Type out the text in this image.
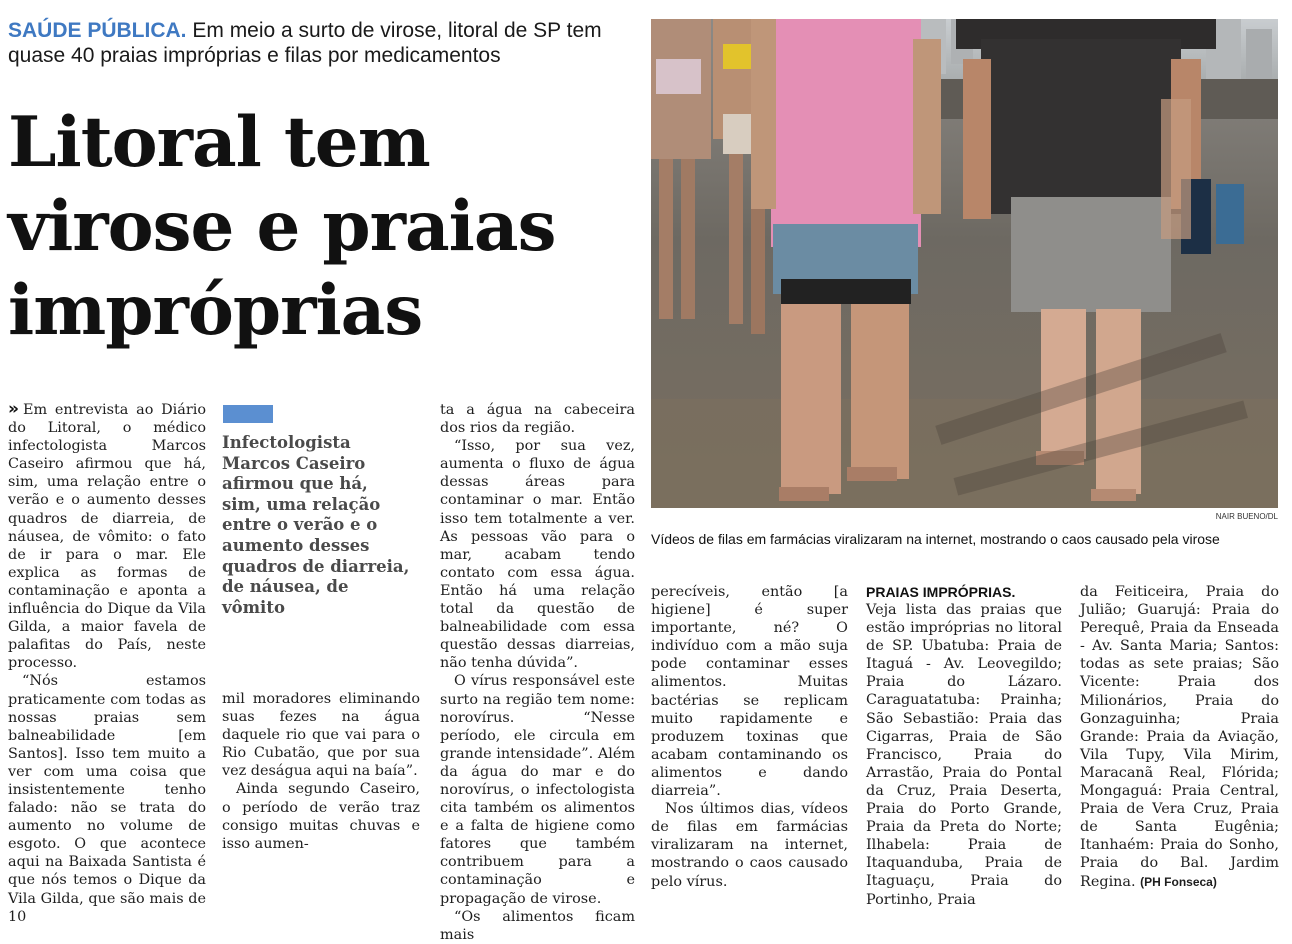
SAÚDE PÚBLICA. Em meio a surto de virose, litoral de SP tem quase 40 praias impróprias e filas por medicamentos
Litoral tem
virose e praias
impróprias

» Em entrevista ao Diário do Litoral, o médico infectologista Marcos Caseiro afirmou que há, sim, uma relação entre o verão e o aumento desses quadros de diarreia, de náusea, de vômito: o fato de ir para o mar. Ele explica as formas de contaminação e aponta a influência do Dique da Vila Gilda, a maior favela de palafitas do País, neste processo.

“Nós estamos praticamente com todas as nossas praias sem balneabilidade [em Santos]. Isso tem muito a ver com uma coisa que insistentemente tenho falado: não se trata do aumento no volume de esgoto. O que acontece aqui na Baixada Santista é que nós temos o Dique da Vila Gilda, que são mais de 10

Infectologista Marcos Caseiro afirmou que há, sim, uma relação entre o verão e o aumento desses quadros de diarreia, de náusea, de vômito

mil moradores eliminando suas fezes na água daquele rio que vai para o Rio Cubatão, que por sua vez deságua aqui na baía”.

Ainda segundo Caseiro, o período de verão traz consigo muitas chuvas e isso aumen-

ta a água na cabeceira dos rios da região.

“Isso, por sua vez, aumenta o fluxo de água dessas áreas para contaminar o mar. Então isso tem totalmente a ver. As pessoas vão para o mar, acabam tendo contato com essa água. Então há uma relação total da questão de balneabilidade com essa questão dessas diarreias, não tenha dúvida”.

O vírus responsável este surto na região tem nome: norovírus. “Nesse período, ele circula em grande intensidade”. Além da água do mar e do norovírus, o infectologista cita também os alimentos e a falta de higiene como fatores que também contribuem para a contaminação e propagação de virose.

“Os alimentos ficam mais

NAIR BUENO/DL
Vídeos de filas em farmácias viralizaram na internet, mostrando o caos causado pela virose

perecíveis, então [a higiene] é super importante, né? O indivíduo com a mão suja pode contaminar esses alimentos. Muitas bactérias se replicam muito rapidamente e produzem toxinas que acabam contaminando os alimentos e dando diarreia”.

Nos últimos dias, vídeos de filas em farmácias viralizaram na internet, mostrando o caos causado pelo vírus.

PRAIAS IMPRÓPRIAS.
Veja lista das praias que estão impróprias no litoral de SP. Ubatuba: Praia de Itaguá - Av. Leovegildo; Praia do Lázaro. Caraguatatuba: Prainha; São Sebastião: Praia das Cigarras, Praia de São Francisco, Praia do Arrastão, Praia do Pontal da Cruz, Praia Deserta, Praia do Porto Grande, Praia da Preta do Norte; Ilhabela: Praia de Itaquanduba, Praia de Itaguaçu, Praia do Portinho, Praia
da Feiticeira, Praia do Julião; Guarujá: Praia do Perequê, Praia da Enseada - Av. Santa Maria; Santos: todas as sete praias; São Vicente: Praia dos Milionários, Praia do Gonzaguinha; Praia Grande: Praia da Aviação, Vila Tupy, Vila Mirim, Maracanã Real, Flórida; Mongaguá: Praia Central, Praia de Vera Cruz, Praia de Santa Eugênia; Itanhaém: Praia do Sonho, Praia do Bal. Jardim Regina. (PH Fonseca)
